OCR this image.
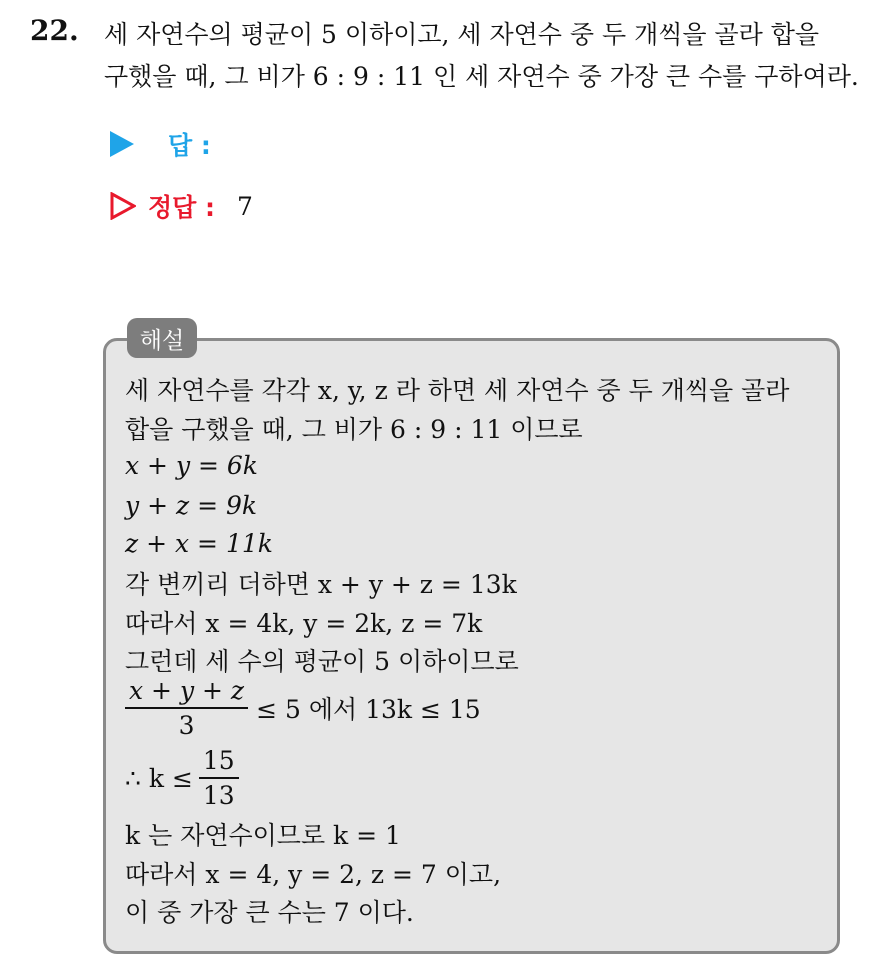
22. 세 자연수의 평균이 5 이하이고, 세 자연수 중 두 개씩을 골라 합을
구했을 때, 그 비가 6 : 9 : 11 인 세 자연수 중 가장 큰 수를 구하여라.
답 :
정답 : 7
해설
세 자연수를 각각 x, y, z 라 하면 세 자연수 중 두 개씩을 골라
합을 구했을 때, 그 비가 6 : 9 : 11 이므로
x + y = 6k
y + z = 9k
z + x = 11k
각 변끼리 더하면 x + y + z = 13k
따라서 x = 4k, y = 2k, z = 7k
그런데 세 수의 평균이 5 이하이므로
$\frac{x + y + z}{3} \le 5$ 에서 13k ≤ 15
∴ $k \le \frac{15}{13}$
k 는 자연수이므로 k = 1
따라서 x = 4, y = 2, z = 7 이고,
이 중 가장 큰 수는 7 이다.
